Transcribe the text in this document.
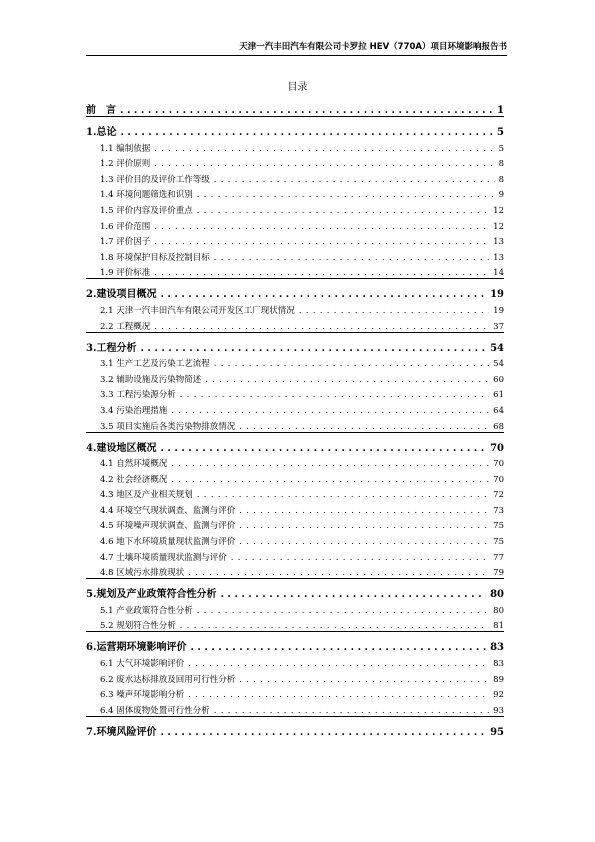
天津一汽丰田汽车有限公司卡罗拉 HEV（770A）项目环境影响报告书
目录
前　言 . . .	1
1.总论 . . .	5
1.1 编制依据 . . .	5
1.2 评价原则 . . .	8
1.3 评价目的及评价工作等级 . . .	8
1.4 环境问题筛选和识别 . . .	9
1.5 评价内容及评价重点 . . .	12
1.6 评价范围 . . .	12
1.7 评价因子 . . .	13
1.8 环境保护目标及控制目标 . . .	13
1.9 评价标准 . . .	14
2.建设项目概况 . . .	19
2.1 天津一汽丰田汽车有限公司开发区工厂现状情况 . . .	19
2.2 工程概况 . . .	37
3.工程分析 . . .	54
3.1 生产工艺及污染工艺流程 . . .	54
3.2 辅助设施及污染物简述 . . .	60
3.3 工程污染源分析 . . .	61
3.4 污染治理措施 . . .	64
3.5 项目实施后各类污染物排放情况 . . .	68
4.建设地区概况 . . .	70
4.1 自然环境概况 . . .	70
4.2 社会经济概况 . . .	70
4.3 地区及产业相关规划 . . .	72
4.4 环境空气现状调查、监测与评价 . . .	73
4.5 环境噪声现状调查、监测与评价 . . .	75
4.6 地下水环境质量现状监测与评价 . . .	75
4.7 土壤环境质量现状监测与评价 . . .	77
4.8 区域污水排放现状 . . .	79
5.规划及产业政策符合性分析 . . .	80
5.1 产业政策符合性分析 . . .	80
5.2 规划符合性分析 . . .	81
6.运营期环境影响评价 . . .	83
6.1 大气环境影响评价 . . .	83
6.2 废水达标排放及回用可行性分析 . . .	89
6.3 噪声环境影响分析 . . .	92
6.4 固体废物处置可行性分析 . . .	93
7.环境风险评价 . . .	95
